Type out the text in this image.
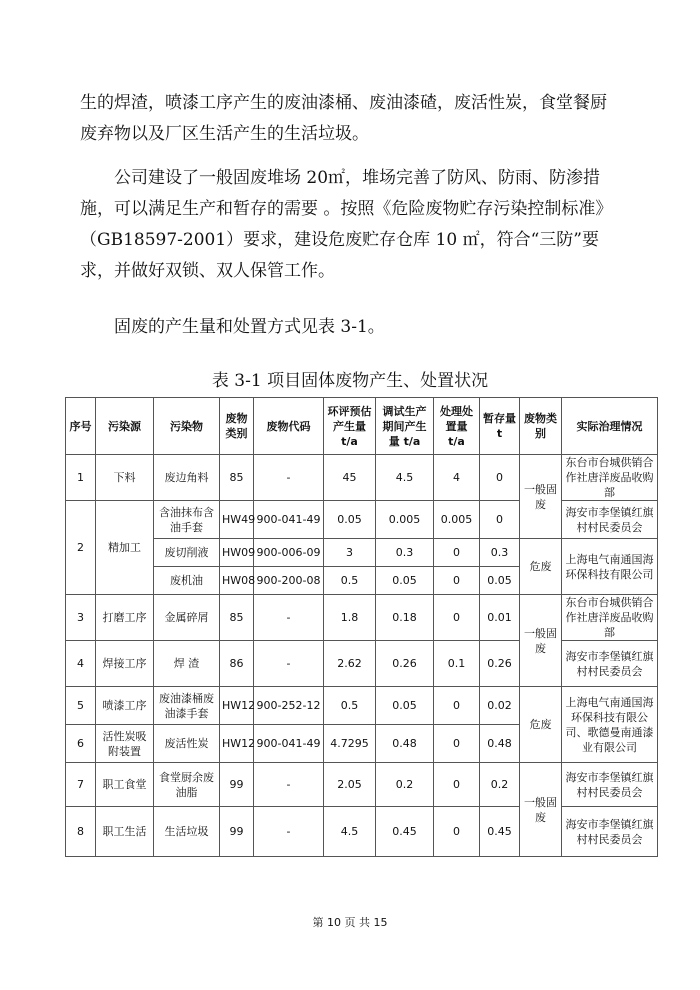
生的焊渣，喷漆工序产生的废油漆桶、废油漆碴，废活性炭，食堂餐厨废弃物以及厂区生活产生的生活垃圾。

公司建设了一般固废堆场 20㎡，堆场完善了防风、防雨、防渗措施，可以满足生产和暂存的需要 。按照《危险废物贮存污染控制标准》（GB18597-2001）要求，建设危废贮存仓库 10 ㎡，符合“三防”要求，并做好双锁、双人保管工作。

固废的产生量和处置方式见表 3-1。

表 3-1 项目固体废物产生、处置状况

序号	污染源	污染物	废物类别	废物代码	环评预估产生量 t/a	调试生产期间产生量 t/a	处理处置量 t/a	暂存量 t	废物类别	实际治理情况
1	下料	废边角料	85	-	45	4.5	4	0	一般固废	东台市台城供销合作社唐洋废品收购部
2	精加工	含油抹布含油手套	HW49	900-041-49	0.05	0.005	0.005	0		海安市李堡镇红旗村村民委员会
		废切削液	HW09	900-006-09	3	0.3	0	0.3	危废	上海电气南通国海环保科技有限公司
		废机油	HW08	900-200-08	0.5	0.05	0	0.05		
3	打磨工序	金属碎屑	85	-	1.8	0.18	0	0.01	一般固废	东台市台城供销合作社唐洋废品收购部
4	焊接工序	焊 渣	86	-	2.62	0.26	0.1	0.26		海安市李堡镇红旗村村民委员会
5	喷漆工序	废油漆桶废油漆手套	HW12	900-252-12	0.5	0.05	0	0.02	危废	上海电气南通国海环保科技有限公司、歌德曼南通漆业有限公司
6	活性炭吸附装置	废活性炭	HW12	900-041-49	4.7295	0.48	0	0.48		
7	职工食堂	食堂厨余废油脂	99	-	2.05	0.2	0	0.2	一般固废	海安市李堡镇红旗村村民委员会
8	职工生活	生活垃圾	99	-	4.5	0.45	0	0.45		海安市李堡镇红旗村村民委员会
第 10 页 共 15
